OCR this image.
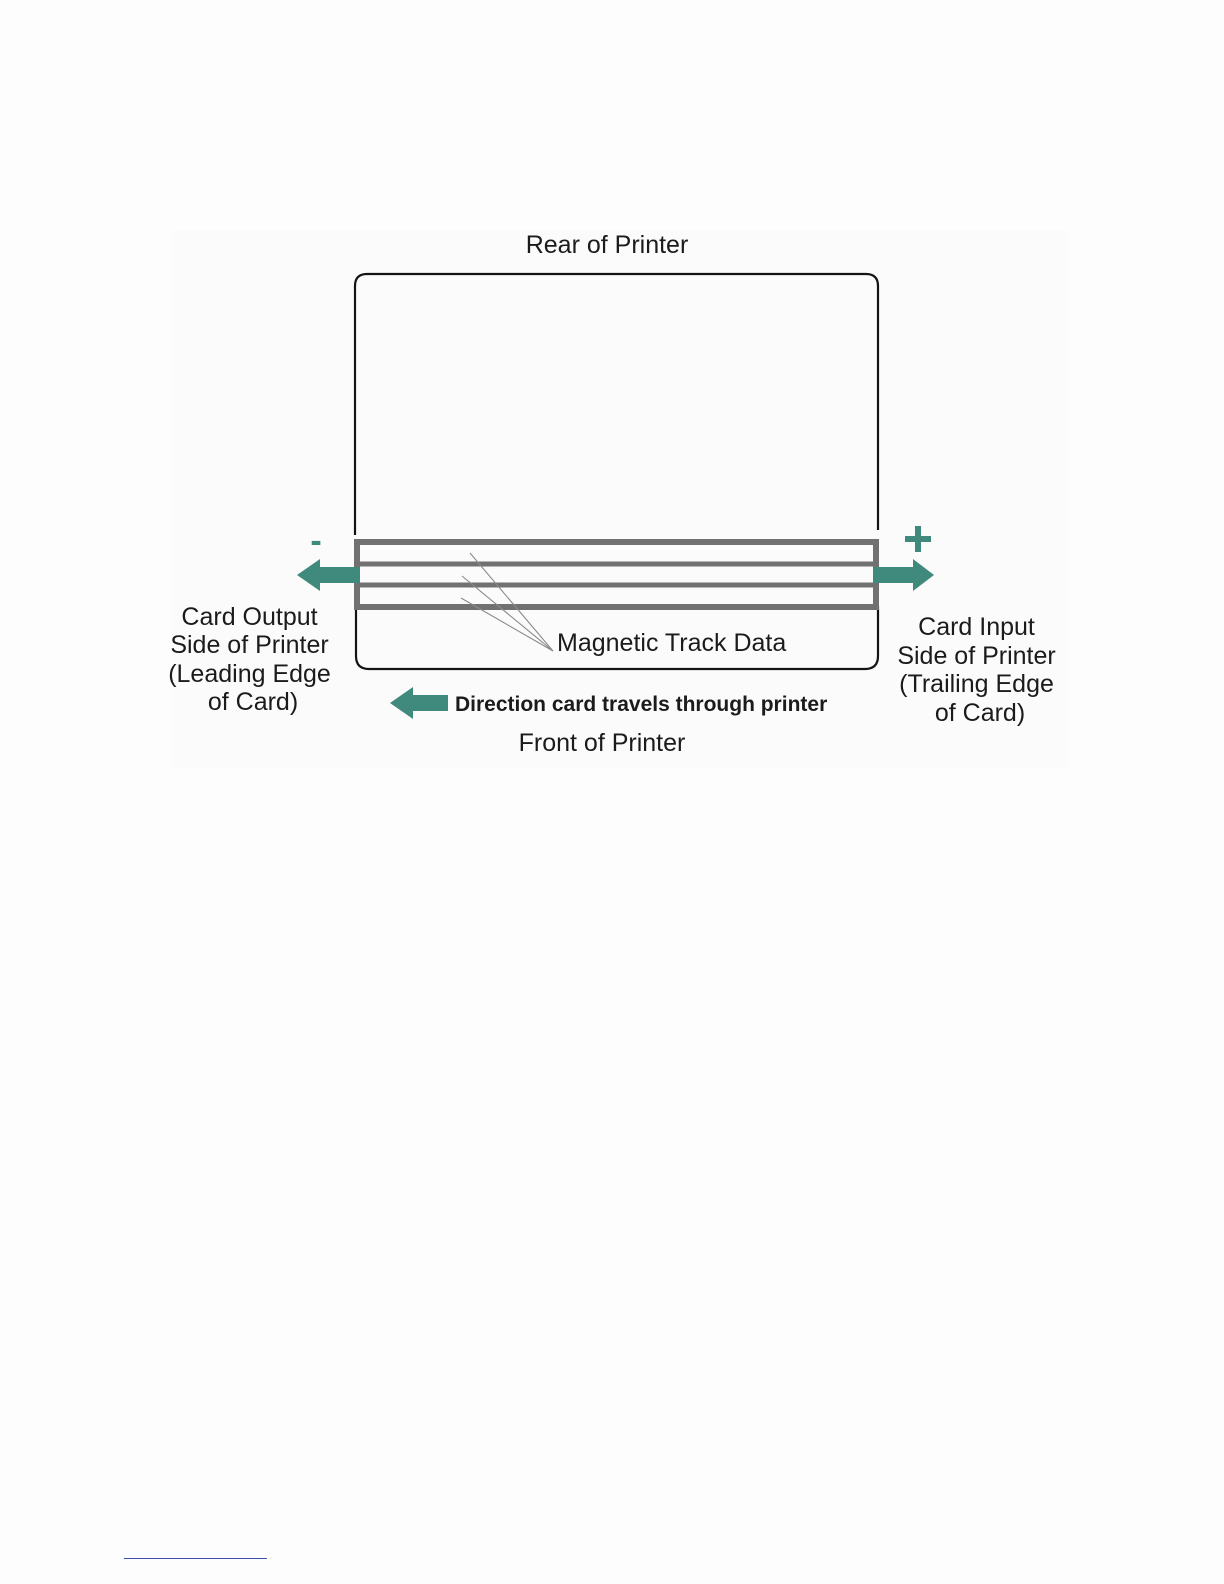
Rear of Printer
Magnetic Track Data
-
Card Output Side of Printer (Leading Edge of Card)
Card Input Side of Printer (Trailing Edge of Card)
Direction card travels through printer
Front of Printer
